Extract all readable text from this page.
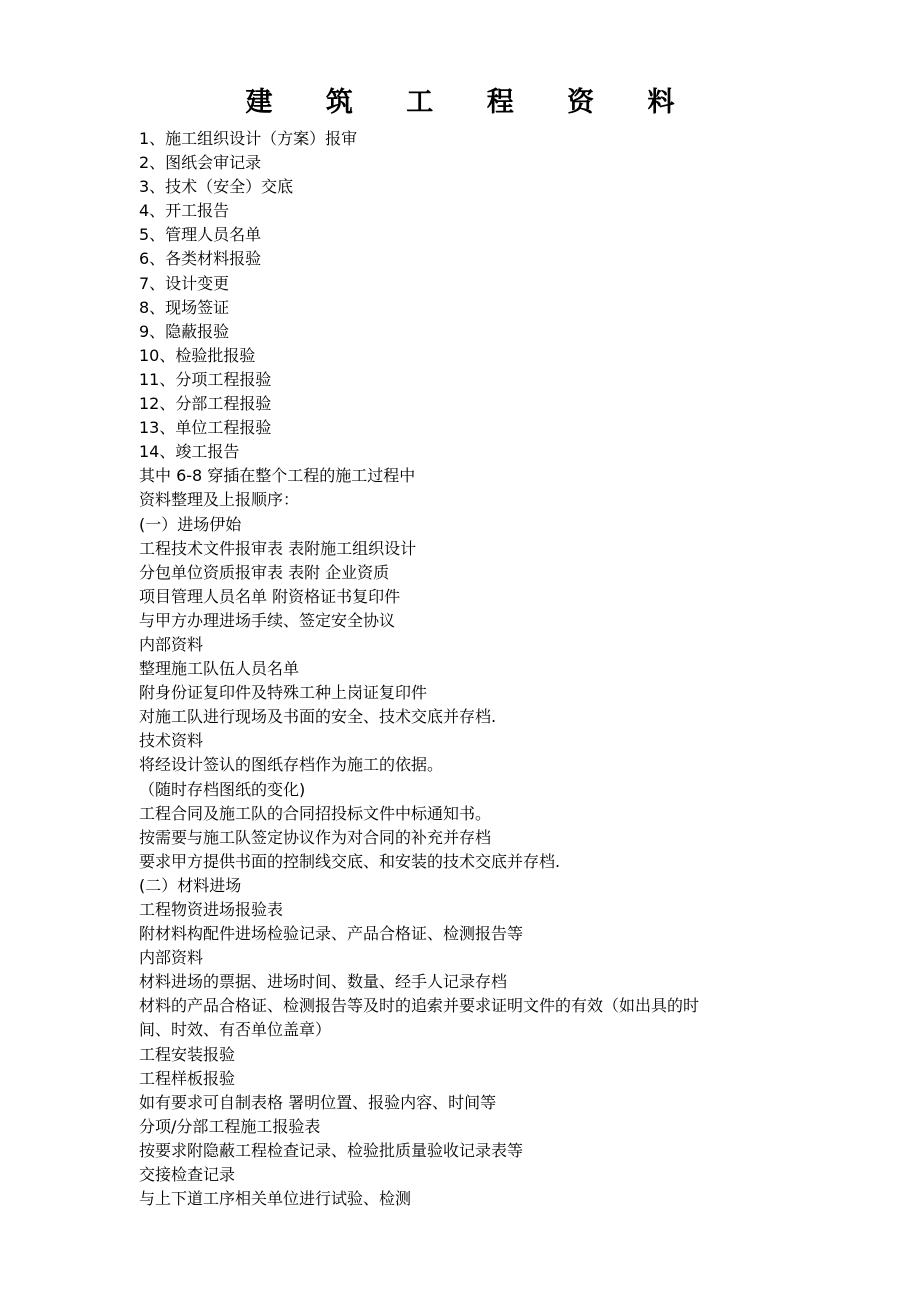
建 筑 工 程 资 料
1、施工组织设计（方案）报审
2、图纸会审记录
3、技术（安全）交底
4、开工报告
5、管理人员名单
6、各类材料报验
7、设计变更
8、现场签证
9、隐蔽报验
10、检验批报验
11、分项工程报验
12、分部工程报验
13、单位工程报验
14、竣工报告
其中 6-8 穿插在整个工程的施工过程中
资料整理及上报顺序：
(一）进场伊始
工程技术文件报审表 表附施工组织设计
分包单位资质报审表 表附 企业资质
项目管理人员名单 附资格证书复印件
与甲方办理进场手续、签定安全协议
内部资料
整理施工队伍人员名单
附身份证复印件及特殊工种上岗证复印件
对施工队进行现场及书面的安全、技术交底并存档.
技术资料
将经设计签认的图纸存档作为施工的依据。
（随时存档图纸的变化)
工程合同及施工队的合同招投标文件中标通知书。
按需要与施工队签定协议作为对合同的补充并存档
要求甲方提供书面的控制线交底、和安装的技术交底并存档.
(二）材料进场
工程物资进场报验表
附材料构配件进场检验记录、产品合格证、检测报告等
内部资料
材料进场的票据、进场时间、数量、经手人记录存档
材料的产品合格证、检测报告等及时的追索并要求证明文件的有效（如出具的时
间、时效、有否单位盖章）
工程安装报验
工程样板报验
如有要求可自制表格 署明位置、报验内容、时间等
分项/分部工程施工报验表
按要求附隐蔽工程检查记录、检验批质量验收记录表等
交接检查记录
与上下道工序相关单位进行试验、检测
